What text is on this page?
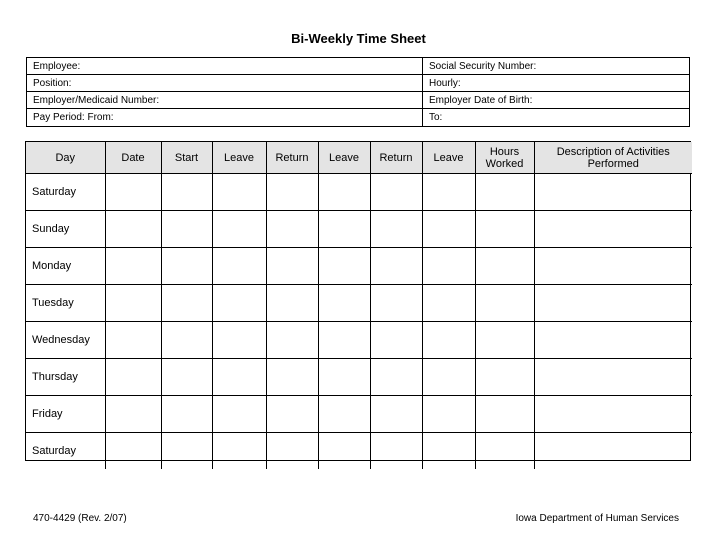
Bi-Weekly Time Sheet
Employee:	Social Security Number:
Position:	Hourly:
Employer/Medicaid Number:	Employer Date of Birth:
Pay Period: From:	To:
Day	Date	Start	Leave	Return	Leave	Return	Leave	Hours Worked	Description of Activities Performed
Saturday									
Sunday									
Monday									
Tuesday									
Wednesday									
Thursday									
Friday									
Saturday									
470-4429 (Rev. 2/07)	Iowa Department of Human Services
